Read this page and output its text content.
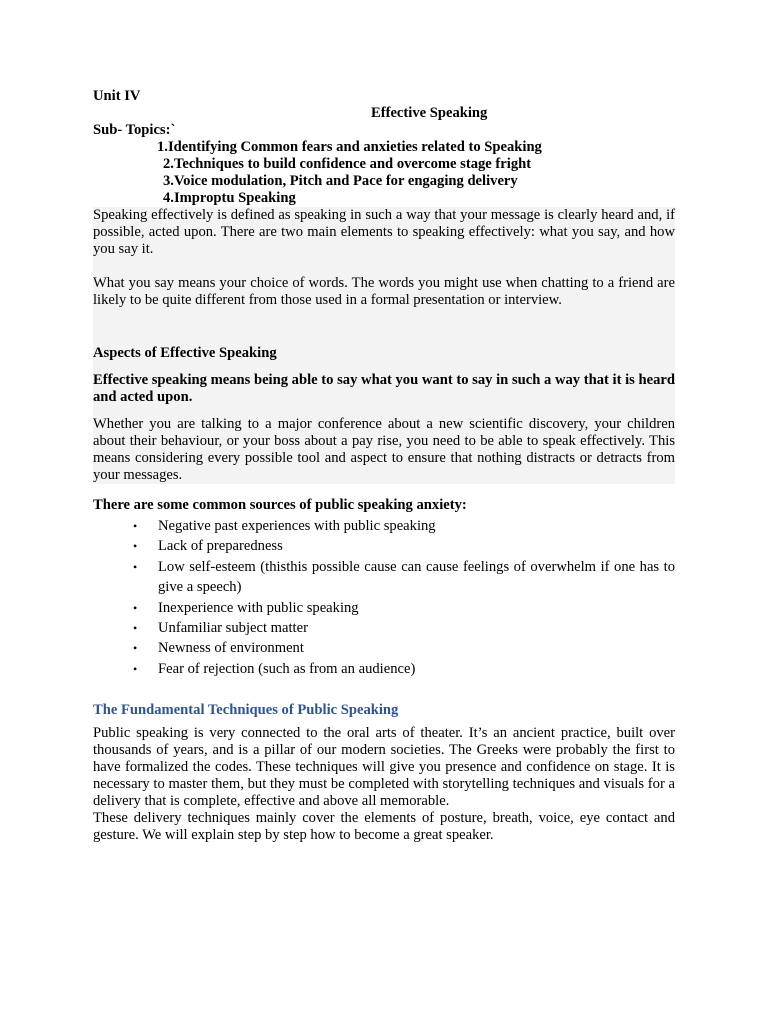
Unit IV

Effective Speaking

Sub- Topics:`

1.Identifying Common fears and anxieties related to Speaking

2.Techniques to build confidence and overcome stage fright

3.Voice modulation, Pitch and Pace for engaging delivery

4.Improptu Speaking

Speaking effectively is defined as speaking in such a way that your message is clearly heard and, if possible, acted upon. There are two main elements to speaking effectively: what you say, and how you say it.

What you say means your choice of words. The words you might use when chatting to a friend are likely to be quite different from those used in a formal presentation or interview.

Aspects of Effective Speaking

Effective speaking means being able to say what you want to say in such a way that it is heard and acted upon.

Whether you are talking to a major conference about a new scientific discovery, your children about their behaviour, or your boss about a pay rise, you need to be able to speak effectively. This means considering every possible tool and aspect to ensure that nothing distracts or detracts from your messages.

There are some common sources of public speaking anxiety:

• Negative past experiences with public speaking
• Lack of preparedness
• Low self-esteem (thisthis possible cause can cause feelings of overwhelm if one has to give a speech)
• Inexperience with public speaking
• Unfamiliar subject matter
• Newness of environment
• Fear of rejection (such as from an audience)

The Fundamental Techniques of Public Speaking

Public speaking is very connected to the oral arts of theater. It’s an ancient practice, built over thousands of years, and is a pillar of our modern societies. The Greeks were probably the first to have formalized the codes. These techniques will give you presence and confidence on stage. It is necessary to master them, but they must be completed with storytelling techniques and visuals for a delivery that is complete, effective and above all memorable.

These delivery techniques mainly cover the elements of posture, breath, voice, eye contact and gesture. We will explain step by step how to become a great speaker.
